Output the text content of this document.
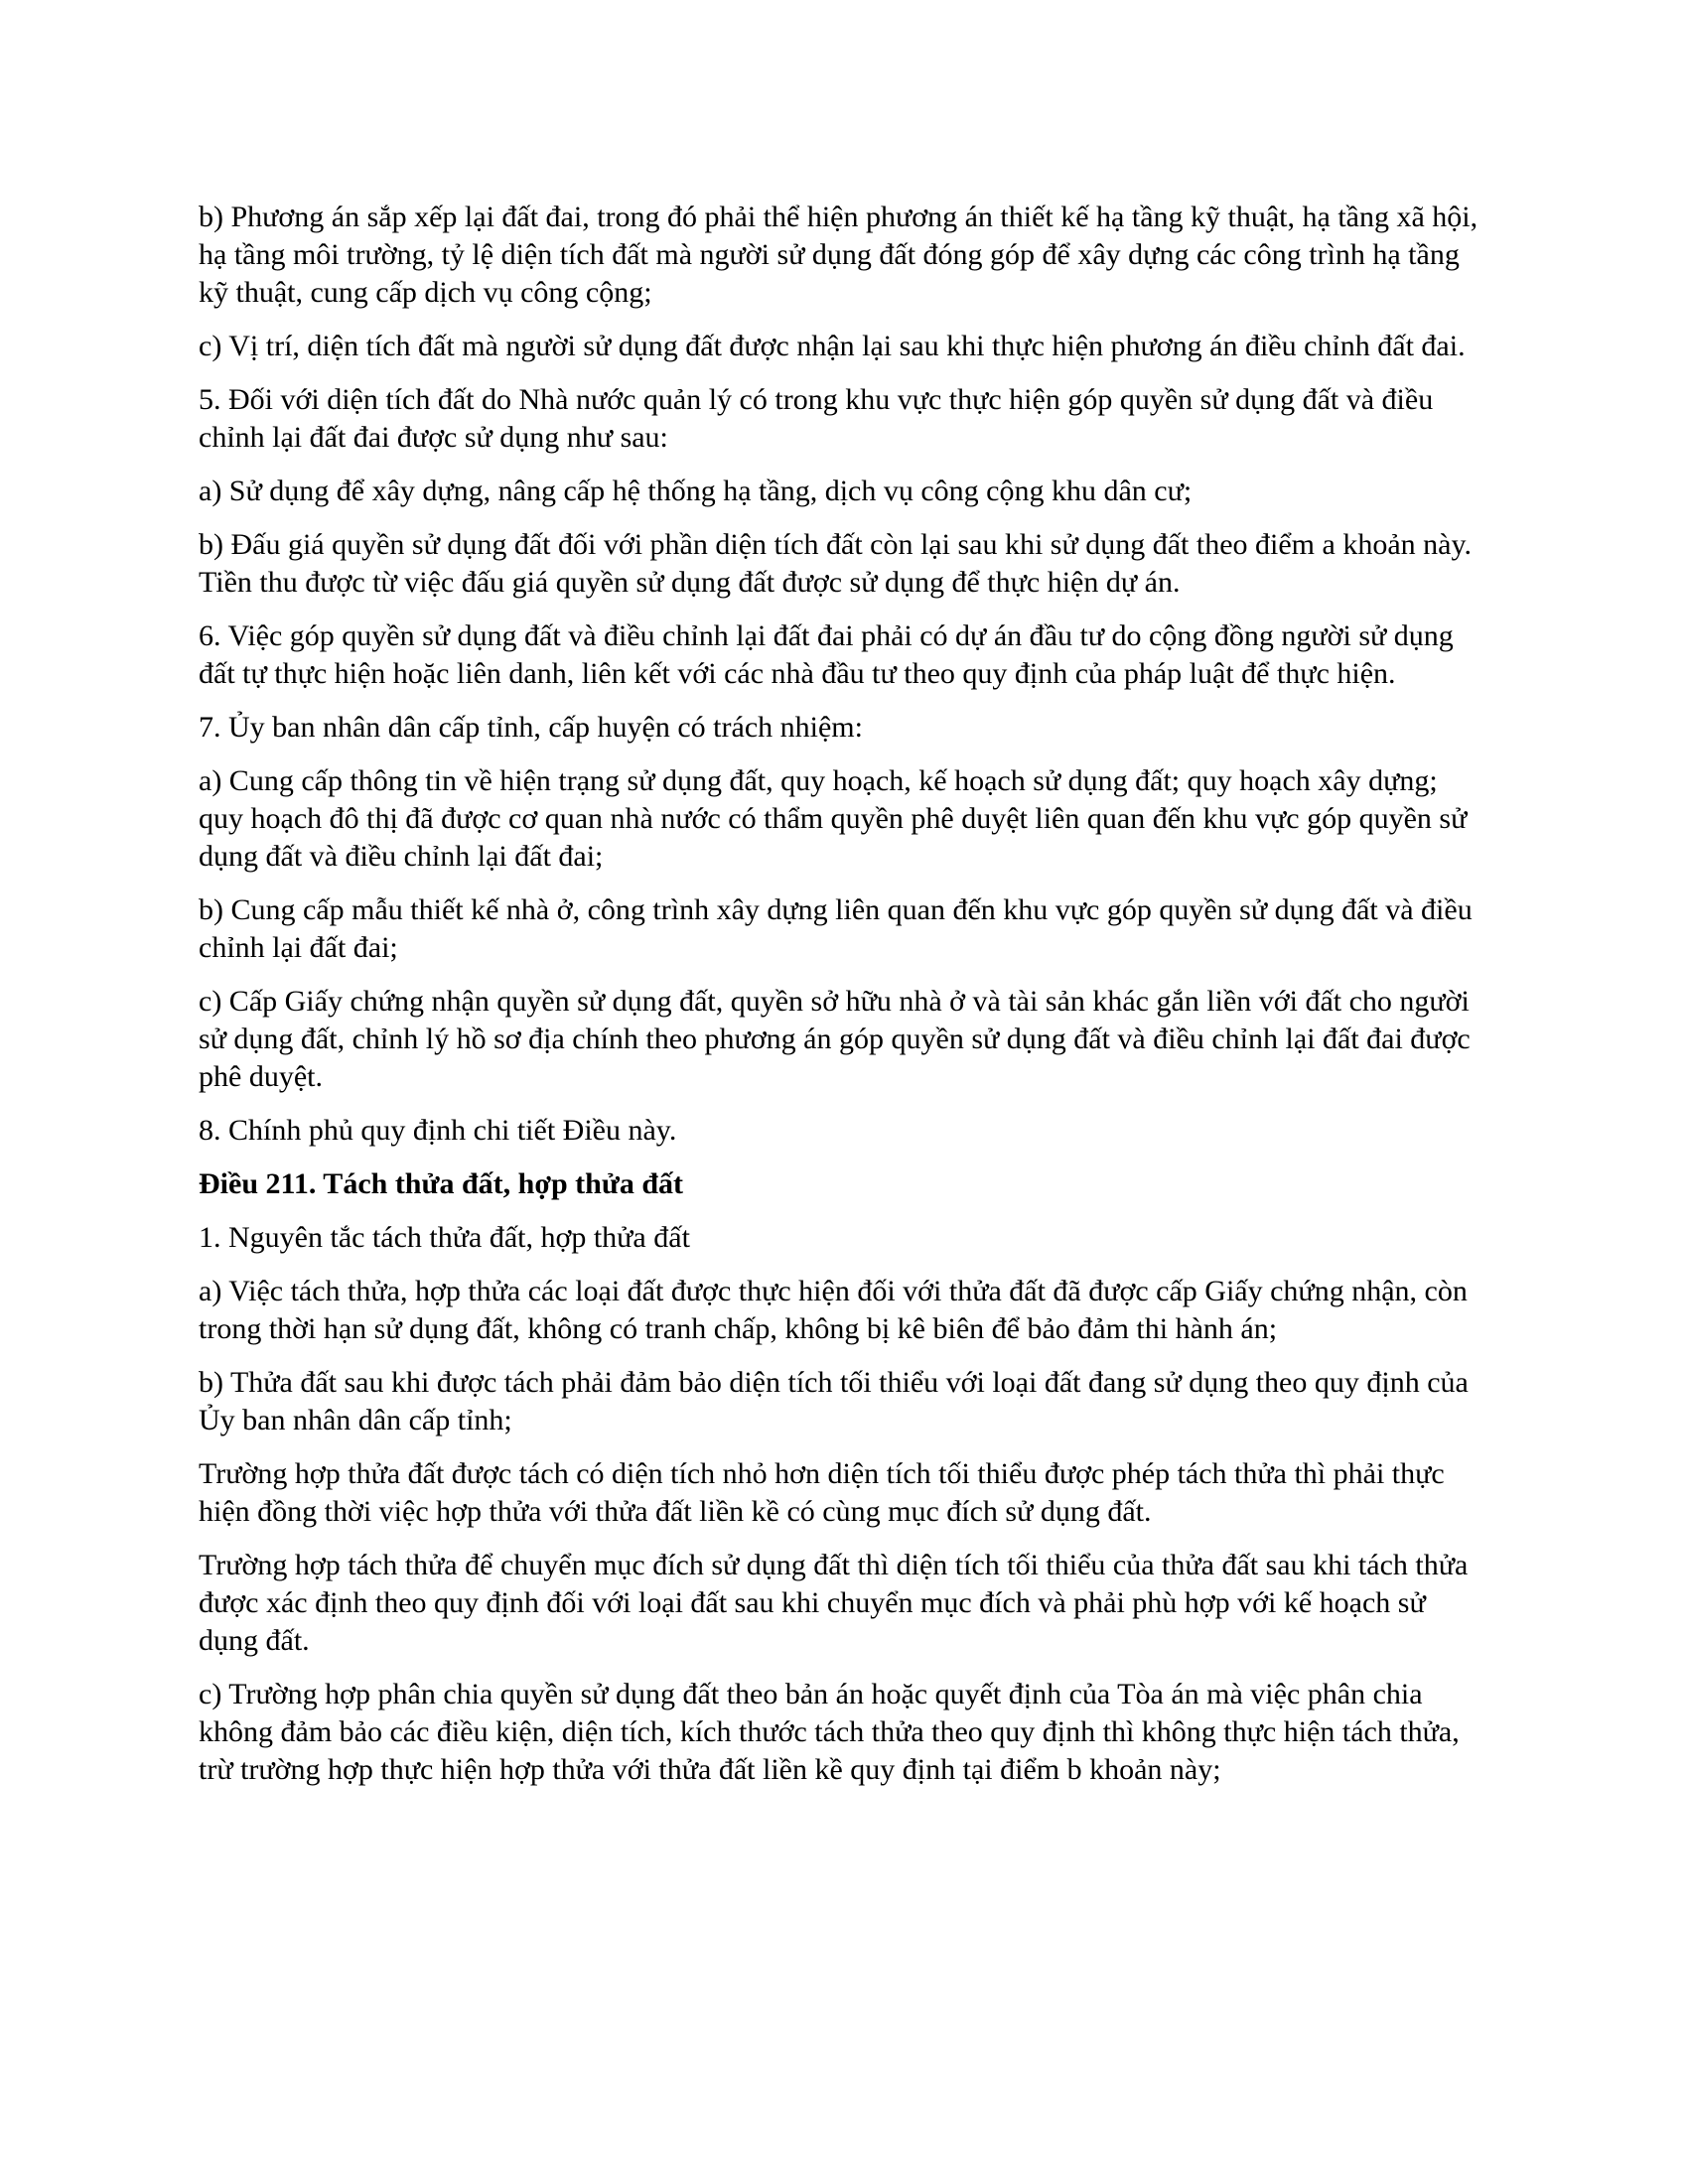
b) Phương án sắp xếp lại đất đai, trong đó phải thể hiện phương án thiết kế hạ tầng kỹ thuật, hạ tầng xã hội, hạ tầng môi trường, tỷ lệ diện tích đất mà người sử dụng đất đóng góp để xây dựng các công trình hạ tầng kỹ thuật, cung cấp dịch vụ công cộng;

c) Vị trí, diện tích đất mà người sử dụng đất được nhận lại sau khi thực hiện phương án điều chỉnh đất đai.

5. Đối với diện tích đất do Nhà nước quản lý có trong khu vực thực hiện góp quyền sử dụng đất và điều chỉnh lại đất đai được sử dụng như sau:

a) Sử dụng để xây dựng, nâng cấp hệ thống hạ tầng, dịch vụ công cộng khu dân cư;

b) Đấu giá quyền sử dụng đất đối với phần diện tích đất còn lại sau khi sử dụng đất theo điểm a khoản này. Tiền thu được từ việc đấu giá quyền sử dụng đất được sử dụng để thực hiện dự án.

6. Việc góp quyền sử dụng đất và điều chỉnh lại đất đai phải có dự án đầu tư do cộng đồng người sử dụng đất tự thực hiện hoặc liên danh, liên kết với các nhà đầu tư theo quy định của pháp luật để thực hiện.

7. Ủy ban nhân dân cấp tỉnh, cấp huyện có trách nhiệm:

a) Cung cấp thông tin về hiện trạng sử dụng đất, quy hoạch, kế hoạch sử dụng đất; quy hoạch xây dựng; quy hoạch đô thị đã được cơ quan nhà nước có thẩm quyền phê duyệt liên quan đến khu vực góp quyền sử dụng đất và điều chỉnh lại đất đai;

b) Cung cấp mẫu thiết kế nhà ở, công trình xây dựng liên quan đến khu vực góp quyền sử dụng đất và điều chỉnh lại đất đai;

c) Cấp Giấy chứng nhận quyền sử dụng đất, quyền sở hữu nhà ở và tài sản khác gắn liền với đất cho người sử dụng đất, chỉnh lý hồ sơ địa chính theo phương án góp quyền sử dụng đất và điều chỉnh lại đất đai được phê duyệt.

8. Chính phủ quy định chi tiết Điều này.

Điều 211. Tách thửa đất, hợp thửa đất

1. Nguyên tắc tách thửa đất, hợp thửa đất

a) Việc tách thửa, hợp thửa các loại đất được thực hiện đối với thửa đất đã được cấp Giấy chứng nhận, còn trong thời hạn sử dụng đất, không có tranh chấp, không bị kê biên để bảo đảm thi hành án;

b) Thửa đất sau khi được tách phải đảm bảo diện tích tối thiểu với loại đất đang sử dụng theo quy định của Ủy ban nhân dân cấp tỉnh;

Trường hợp thửa đất được tách có diện tích nhỏ hơn diện tích tối thiểu được phép tách thửa thì phải thực hiện đồng thời việc hợp thửa với thửa đất liền kề có cùng mục đích sử dụng đất.

Trường hợp tách thửa để chuyển mục đích sử dụng đất thì diện tích tối thiểu của thửa đất sau khi tách thửa được xác định theo quy định đối với loại đất sau khi chuyển mục đích và phải phù hợp với kế hoạch sử dụng đất.

c) Trường hợp phân chia quyền sử dụng đất theo bản án hoặc quyết định của Tòa án mà việc phân chia không đảm bảo các điều kiện, diện tích, kích thước tách thửa theo quy định thì không thực hiện tách thửa, trừ trường hợp thực hiện hợp thửa với thửa đất liền kề quy định tại điểm b khoản này;
